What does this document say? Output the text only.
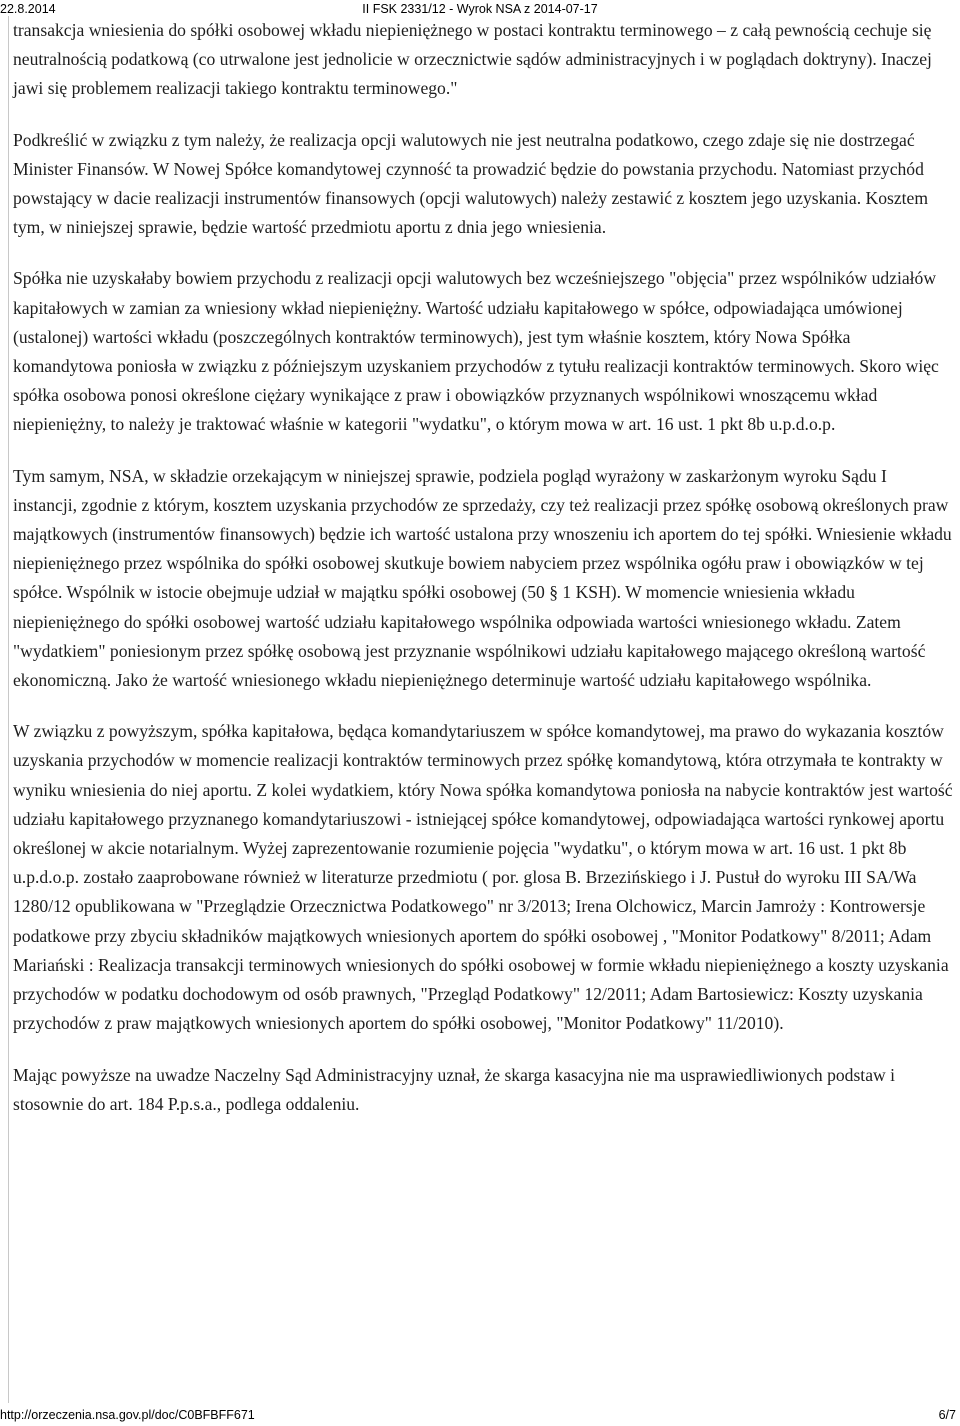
22.8.2014	II FSK 2331/12 - Wyrok NSA z 2014-07-17

transakcja wniesienia do spółki osobowej wkładu niepieniężnego w postaci kontraktu terminowego – z całą pewnością cechuje się neutralnością podatkową (co utrwalone jest jednolicie w orzecznictwie sądów administracyjnych i w poglądach doktryny). Inaczej jawi się problemem realizacji takiego kontraktu terminowego."

Podkreślić w związku z tym należy, że realizacja opcji walutowych nie jest neutralna podatkowo, czego zdaje się nie dostrzegać Minister Finansów. W Nowej Spółce komandytowej czynność ta prowadzić będzie do powstania przychodu. Natomiast przychód powstający w dacie realizacji instrumentów finansowych (opcji walutowych) należy zestawić z kosztem jego uzyskania. Kosztem tym, w niniejszej sprawie, będzie wartość przedmiotu aportu z dnia jego wniesienia.

Spółka nie uzyskałaby bowiem przychodu z realizacji opcji walutowych bez wcześniejszego "objęcia" przez wspólników udziałów kapitałowych w zamian za wniesiony wkład niepieniężny. Wartość udziału kapitałowego w spółce, odpowiadająca umówionej (ustalonej) wartości wkładu (poszczególnych kontraktów terminowych), jest tym właśnie kosztem, który Nowa Spółka komandytowa poniosła w związku z późniejszym uzyskaniem przychodów z tytułu realizacji kontraktów terminowych. Skoro więc spółka osobowa ponosi określone ciężary wynikające z praw i obowiązków przyznanych wspólnikowi wnoszącemu wkład niepieniężny, to należy je traktować właśnie w kategorii "wydatku", o którym mowa w art. 16 ust. 1 pkt 8b u.p.d.o.p.

Tym samym, NSA, w składzie orzekającym w niniejszej sprawie, podziela pogląd wyrażony w zaskarżonym wyroku Sądu I instancji, zgodnie z którym, kosztem uzyskania przychodów ze sprzedaży, czy też realizacji przez spółkę osobową określonych praw majątkowych (instrumentów finansowych) będzie ich wartość ustalona przy wnoszeniu ich aportem do tej spółki. Wniesienie wkładu niepieniężnego przez wspólnika do spółki osobowej skutkuje bowiem nabyciem przez wspólnika ogółu praw i obowiązków w tej spółce. Wspólnik w istocie obejmuje udział w majątku spółki osobowej (50 § 1 KSH). W momencie wniesienia wkładu niepieniężnego do spółki osobowej wartość udziału kapitałowego wspólnika odpowiada wartości wniesionego wkładu. Zatem "wydatkiem" poniesionym przez spółkę osobową jest przyznanie wspólnikowi udziału kapitałowego mającego określoną wartość ekonomiczną. Jako że wartość wniesionego wkładu niepieniężnego determinuje wartość udziału kapitałowego wspólnika.

W związku z powyższym, spółka kapitałowa, będąca komandytariuszem w spółce komandytowej, ma prawo do wykazania kosztów uzyskania przychodów w momencie realizacji kontraktów terminowych przez spółkę komandytową, która otrzymała te kontrakty w wyniku wniesienia do niej aportu. Z kolei wydatkiem, który Nowa spółka komandytowa poniosła na nabycie kontraktów jest wartość udziału kapitałowego przyznanego komandytariuszowi - istniejącej spółce komandytowej, odpowiadająca wartości rynkowej aportu określonej w akcie notarialnym. Wyżej zaprezentowanie rozumienie pojęcia "wydatku", o którym mowa w art. 16 ust. 1 pkt 8b u.p.d.o.p. zostało zaaprobowane również w literaturze przedmiotu ( por. glosa B. Brzezińskiego i J. Pustuł do wyroku III SA/Wa 1280/12 opublikowana w "Przeglądzie Orzecznictwa Podatkowego" nr 3/2013; Irena Olchowicz, Marcin Jamroży : Kontrowersje podatkowe przy zbyciu składników majątkowych wniesionych aportem do spółki osobowej , "Monitor Podatkowy" 8/2011; Adam Mariański : Realizacja transakcji terminowych wniesionych do spółki osobowej w formie wkładu niepieniężnego a koszty uzyskania przychodów w podatku dochodowym od osób prawnych, "Przegląd Podatkowy" 12/2011; Adam Bartosiewicz: Koszty uzyskania przychodów z praw majątkowych wniesionych aportem do spółki osobowej, "Monitor Podatkowy" 11/2010).

Mając powyższe na uwadze Naczelny Sąd Administracyjny uznał, że skarga kasacyjna nie ma usprawiedliwionych podstaw i stosownie do art. 184 P.p.s.a., podlega oddaleniu.

http://orzeczenia.nsa.gov.pl/doc/C0BFBFF671	6/7
